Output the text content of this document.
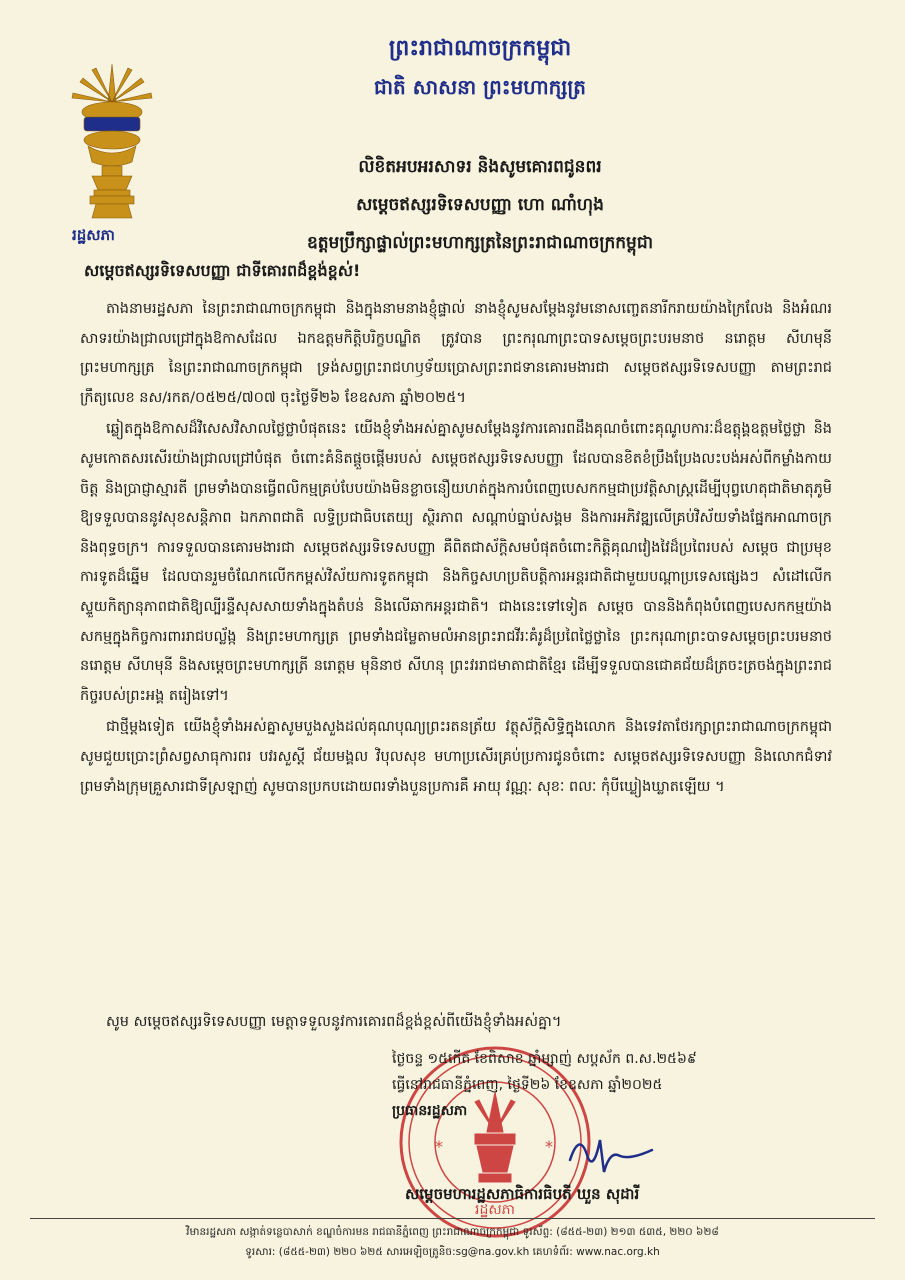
ព្រះរាជាណាចក្រកម្ពុជា
ជាតិ សាសនា ព្រះមហាក្សត្រ
រដ្ឋសភា
លិខិតអបអរសាទរ និងសូមគោរពជូនពរ
សម្តេចឥស្សរទិទេសបញ្ញា ហោ ណាំហុង
ឧត្តមប្រឹក្សាផ្ទាល់ព្រះមហាក្សត្រនៃព្រះរាជាណាចក្រកម្ពុជា
សម្តេចឥស្សរទិទេសបញ្ញា ជាទីគោរពដ៏ខ្ពង់ខ្ពស់!

តាងនាមរដ្ឋសភា នៃព្រះរាជាណាចក្រកម្ពុជា និងក្នុងនាមនាងខ្ញុំផ្ទាល់ នាងខ្ញុំសូមសម្តែងនូវមនោសញ្ចេតនារីករាយយ៉ាងក្រៃលែង និងអំណរសាទរយ៉ាងជ្រាលជ្រៅក្នុងឱកាសដែល ឯកឧត្តមកិត្តិបរិក្ខបណ្ឌិត ត្រូវបាន ព្រះករុណាព្រះបាទសម្តេចព្រះបរមនាថ នរោត្តម សីហមុនី ព្រះមហាក្សត្រ នៃព្រះរាជាណាចក្រកម្ពុជា ទ្រង់សព្វព្រះរាជហឫទ័យប្រោសព្រះរាជទានគោរមងារជា សម្តេចឥស្សរទិទេសបញ្ញា តាមព្រះរាជក្រឹត្យលេខ នស/រកត/០៥២៥/៧០៧ ចុះថ្ងៃទី២៦ ខែឧសភា ឆ្នាំ២០២៥។

ឆ្លៀតក្នុងឱកាសដ៏វិសេសវិសាលថ្លៃថ្លាបំផុតនេះ យើងខ្ញុំទាំងអស់គ្នាសូមសម្តែងនូវការគោរពដឹងគុណចំពោះគុណូបការៈដ៏ឧត្តុង្គឧត្តមថ្លៃថ្លា និងសូមកោតសរសើរយ៉ាងជ្រាលជ្រៅបំផុត ចំពោះគំនិតផ្តួចផ្តើមរបស់ សម្តេចឥស្សរទិទេសបញ្ញា ដែលបានខិតខំប្រឹងប្រែងលះបង់អស់ពីកម្លាំងកាយចិត្ត និងប្រាជ្ញាស្មារតី ព្រមទាំងបានធ្វើពលិកម្មគ្រប់បែបយ៉ាងមិនខ្លាចនឿយហត់ក្នុងការបំពេញបេសកកម្មជាប្រវត្តិសាស្ត្រដើម្បីបុព្វហេតុជាតិមាតុភូមិឱ្យទទួលបាននូវសុខសន្តិភាព ឯកភាពជាតិ លទ្ធិប្រជាធិបតេយ្យ ស្ថិរភាព សណ្តាប់ធ្នាប់សង្គម និងការអភិវឌ្ឍលើគ្រប់វិស័យទាំងផ្នែកអាណាចក្រ និងពុទ្ធចក្រ។ ការទទួលបានគោរមងារជា សម្តេចឥស្សរទិទេសបញ្ញា គឺពិតជាស័ក្តិសមបំផុតចំពោះកិត្តិគុណវៀងវៃដ៏ប្រពៃរបស់ សម្តេច ជាប្រមុខការទូតដ៏ឆ្នើម ដែលបានរួមចំណែកលើកកម្ពស់វិស័យការទូតកម្ពុជា និងកិច្ចសហប្រតិបត្តិការអន្តរជាតិជាមួយបណ្តាប្រទេសផ្សេងៗ សំដៅលើកស្ទួយកិត្យានុភាពជាតិឱ្យល្បីរន្ទឺសុសសាយទាំងក្នុងតំបន់ និងលើឆាកអន្តរជាតិ។ ជាងនេះទៅទៀត សម្តេច បាននិងកំពុងបំពេញបេសកកម្មយ៉ាងសកម្មក្នុងកិច្ចការពាររាជបល្ល័ង្ក និងព្រះមហាក្សត្រ ព្រមទាំងជម្លៃតាមលំអានព្រះរាជវីរៈគំរូដ៏ប្រពៃថ្លៃថ្លានៃ ព្រះករុណាព្រះបាទសម្តេចព្រះបរមនាថ នរោត្តម សីហមុនី និងសម្តេចព្រះមហាក្សត្រី នរោត្តម មុនិនាថ សីហនុ ព្រះវររាជមាតាជាតិខ្មែរ ដើម្បីទទួលបានជោគជ័យដ៏ត្រចះត្រចង់ក្នុងព្រះរាជកិច្ចរបស់ព្រះអង្គ តរៀងទៅ។

ជាថ្មីម្តងទៀត យើងខ្ញុំទាំងអស់គ្នាសូមបួងសួងដល់គុណបុណ្យព្រះរតនត្រ័យ វត្ថុស័ក្តិសិទ្ធិក្នុងលោក និងទេវតាថែរក្សាព្រះរាជាណាចក្រកម្ពុជា សូមជួយប្រោះព្រំសព្វសាធុការពរ បវរសួស្តី ជ័យមង្គល វិបុលសុខ មហាប្រសើរគ្រប់ប្រការជូនចំពោះ សម្តេចឥស្សរទិទេសបញ្ញា និងលោកជំទាវ ព្រមទាំងក្រុមគ្រួសារជាទីស្រឡាញ់ សូមបានប្រកបដោយពរទាំងបួនប្រការគឺ អាយុ វណ្ណៈ សុខៈ ពលៈ កុំបីឃ្លៀងឃ្លាតឡើយ ។

សូម សម្តេចឥស្សរទិទេសបញ្ញា មេត្តាទទួលនូវការគោរពដ៏ខ្ពង់ខ្ពស់ពីយើងខ្ញុំទាំងអស់គ្នា។
*	*
រដ្ឋសភា
ថ្ងៃចន្ទ ១៥កើត ខែពិសាខ ឆ្នាំម្សាញ់ សប្តស័ក ព.ស.២៥៦៩
ធ្វើនៅរាជធានីភ្នំពេញ, ថ្ងៃទី២៦ ខែឧសភា ឆ្នាំ២០២៥
ប្រធានរដ្ឋសភា
សម្តេចមហារដ្ឋសភាធិការធិបតី ឃួន សុដារី
វិមានរដ្ឋសភា សង្កាត់ទន្លេបាសាក់ ខណ្ឌចំការមន រាជធានីភ្នំពេញ ព្រះរាជាណាចក្រកម្ពុជា ទូរស័ព្ទ: (៨៥៥-២៣) ២១៣ ៥៣៥, ២២០ ៦២៨
ទូរសារ: (៨៥៥-២៣) ២២០ ៦២៥ សារអេឡិចត្រូនិច:sg@na.gov.kh គេហទំព័រ: www.nac.org.kh
